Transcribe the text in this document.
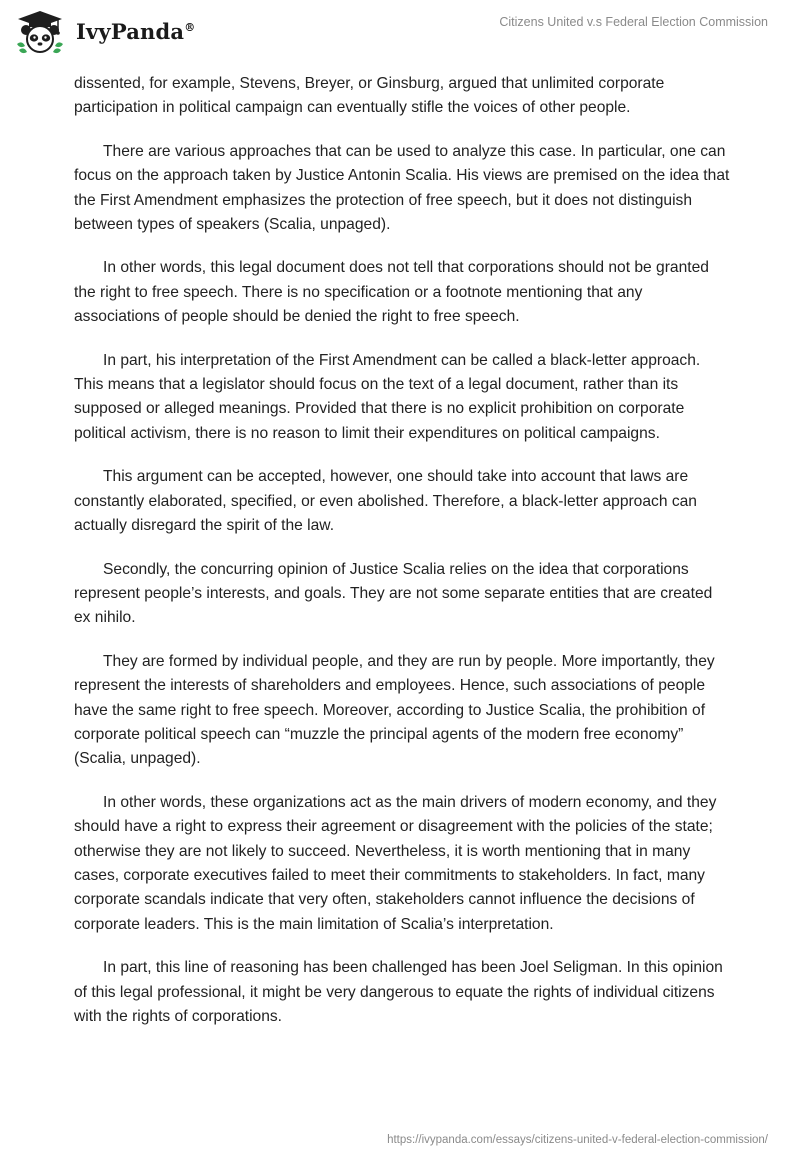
IvyPanda®	Citizens United v.s Federal Election Commission

dissented, for example, Stevens, Breyer, or Ginsburg, argued that unlimited corporate participation in political campaign can eventually stifle the voices of other people.

There are various approaches that can be used to analyze this case. In particular, one can focus on the approach taken by Justice Antonin Scalia. His views are premised on the idea that the First Amendment emphasizes the protection of free speech, but it does not distinguish between types of speakers (Scalia, unpaged).

In other words, this legal document does not tell that corporations should not be granted the right to free speech. There is no specification or a footnote mentioning that any associations of people should be denied the right to free speech.

In part, his interpretation of the First Amendment can be called a black-letter approach. This means that a legislator should focus on the text of a legal document, rather than its supposed or alleged meanings. Provided that there is no explicit prohibition on corporate political activism, there is no reason to limit their expenditures on political campaigns.

This argument can be accepted, however, one should take into account that laws are constantly elaborated, specified, or even abolished. Therefore, a black-letter approach can actually disregard the spirit of the law.

Secondly, the concurring opinion of Justice Scalia relies on the idea that corporations represent people’s interests, and goals. They are not some separate entities that are created ex nihilo.

They are formed by individual people, and they are run by people. More importantly, they represent the interests of shareholders and employees. Hence, such associations of people have the same right to free speech. Moreover, according to Justice Scalia, the prohibition of corporate political speech can “muzzle the principal agents of the modern free economy” (Scalia, unpaged).

In other words, these organizations act as the main drivers of modern economy, and they should have a right to express their agreement or disagreement with the policies of the state; otherwise they are not likely to succeed. Nevertheless, it is worth mentioning that in many cases, corporate executives failed to meet their commitments to stakeholders. In fact, many corporate scandals indicate that very often, stakeholders cannot influence the decisions of corporate leaders. This is the main limitation of Scalia’s interpretation.

In part, this line of reasoning has been challenged has been Joel Seligman. In this opinion of this legal professional, it might be very dangerous to equate the rights of individual citizens with the rights of corporations.

https://ivypanda.com/essays/citizens-united-v-federal-election-commission/
